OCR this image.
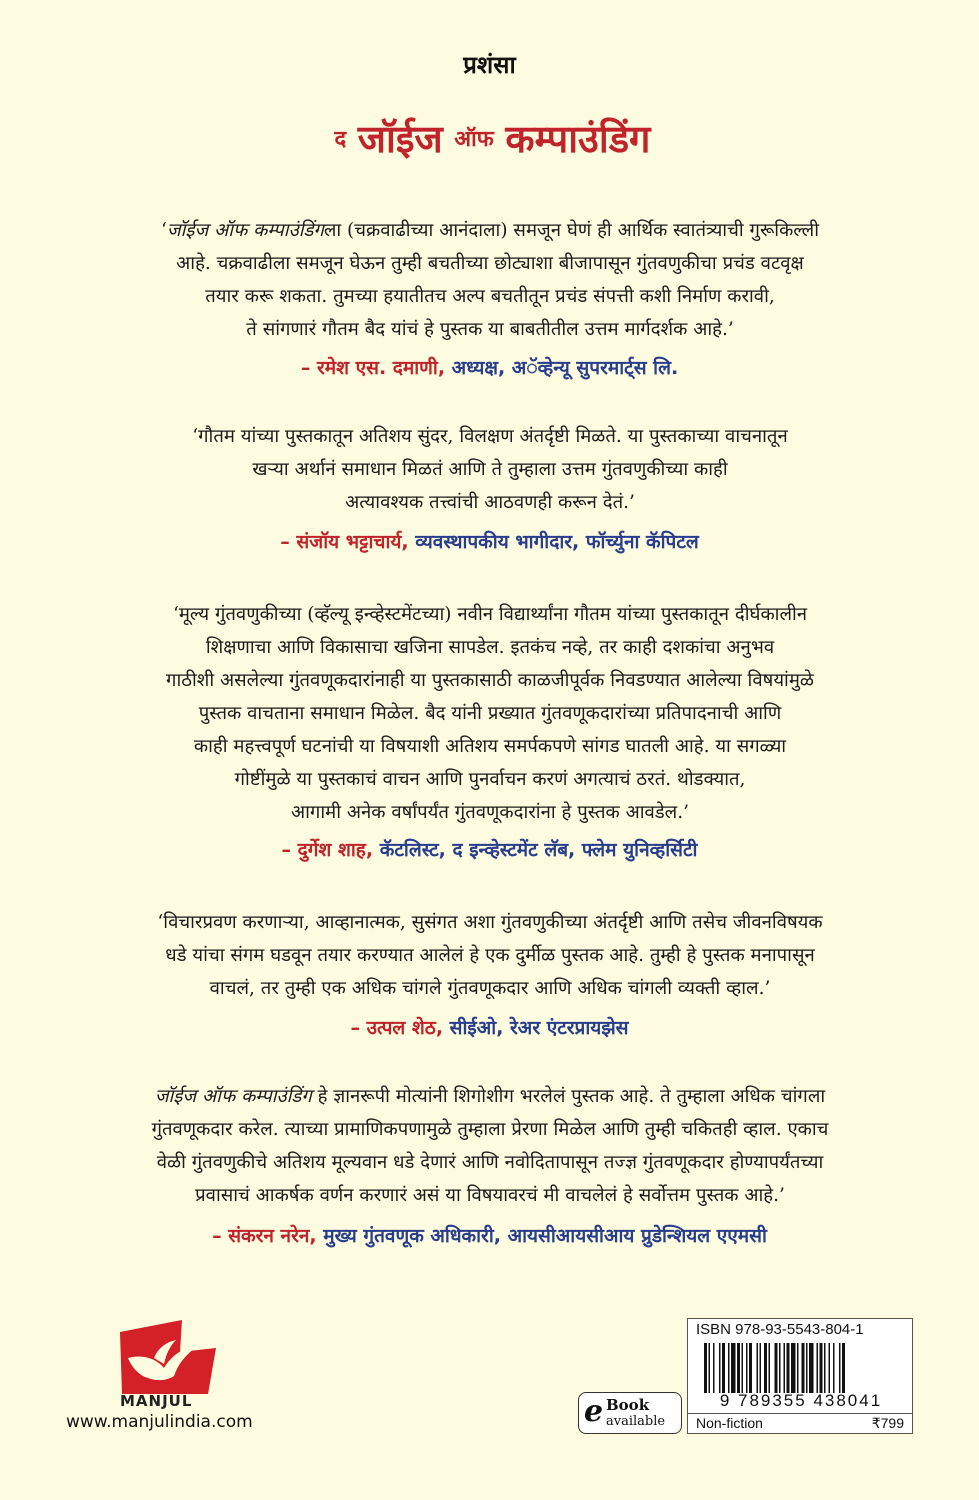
प्रशंसा
द जॉईज ऑफ कम्पाउंडिंग
‘जॉईज ऑफ कम्पाउंडिंगला (चक्रवाढीच्या आनंदाला) समजून घेणं ही आर्थिक स्वातंत्र्याची गुरूकिल्ली
आहे. चक्रवाढीला समजून घेऊन तुम्ही बचतीच्या छोट्याशा बीजापासून गुंतवणुकीचा प्रचंड वटवृक्ष
तयार करू शकता. तुमच्या हयातीतच अल्प बचतीतून प्रचंड संपत्ती कशी निर्माण करावी,
ते सांगणारं गौतम बैद यांचं हे पुस्तक या बाबतीतील उत्तम मार्गदर्शक आहे.’
– रमेश एस. दमाणी, अध्यक्ष, अॅव्हेन्यू सुपरमार्ट्स लि.
‘गौतम यांच्या पुस्तकातून अतिशय सुंदर, विलक्षण अंतर्दृष्टी मिळते. या पुस्तकाच्या वाचनातून
खऱ्या अर्थानं समाधान मिळतं आणि ते तुम्हाला उत्तम गुंतवणुकीच्या काही
अत्यावश्यक तत्त्वांची आठवणही करून देतं.’
– संजॉय भट्टाचार्य, व्यवस्थापकीय भागीदार, फॉर्च्युना कॅपिटल
‘मूल्य गुंतवणुकीच्या (व्हॅल्यू इन्व्हेस्टमेंटच्या) नवीन विद्यार्थ्यांना गौतम यांच्या पुस्तकातून दीर्घकालीन
शिक्षणाचा आणि विकासाचा खजिना सापडेल. इतकंच नव्हे, तर काही दशकांचा अनुभव
गाठीशी असलेल्या गुंतवणूकदारांनाही या पुस्तकासाठी काळजीपूर्वक निवडण्यात आलेल्या विषयांमुळे
पुस्तक वाचताना समाधान मिळेल. बैद यांनी प्रख्यात गुंतवणूकदारांच्या प्रतिपादनाची आणि
काही महत्त्वपूर्ण घटनांची या विषयाशी अतिशय समर्पकपणे सांगड घातली आहे. या सगळ्या
गोष्टींमुळे या पुस्तकाचं वाचन आणि पुनर्वाचन करणं अगत्याचं ठरतं. थोडक्यात,
आगामी अनेक वर्षांपर्यंत गुंतवणूकदारांना हे पुस्तक आवडेल.’
– दुर्गेश शाह, कॅटलिस्ट, द इन्व्हेस्टमेंट लॅब, फ्लेम युनिव्हर्सिटी
‘विचारप्रवण करणाऱ्या, आव्हानात्मक, सुसंगत अशा गुंतवणुकीच्या अंतर्दृष्टी आणि तसेच जीवनविषयक
धडे यांचा संगम घडवून तयार करण्यात आलेलं हे एक दुर्मीळ पुस्तक आहे. तुम्ही हे पुस्तक मनापासून
वाचलं, तर तुम्ही एक अधिक चांगले गुंतवणूकदार आणि अधिक चांगली व्यक्ती व्हाल.’
– उत्पल शेठ, सीईओ, रेअर एंटरप्रायझेस
जॉईज ऑफ कम्पाउंडिंग हे ज्ञानरूपी मोत्यांनी शिगोशीग भरलेलं पुस्तक आहे. ते तुम्हाला अधिक चांगला
गुंतवणूकदार करेल. त्याच्या प्रामाणिकपणामुळे तुम्हाला प्रेरणा मिळेल आणि तुम्ही चकितही व्हाल. एकाच
वेळी गुंतवणुकीचे अतिशय मूल्यवान धडे देणारं आणि नवोदितापासून तज्ज्ञ गुंतवणूकदार होण्यापर्यंतच्या
प्रवासाचं आकर्षक वर्णन करणारं असं या विषयावरचं मी वाचलेलं हे सर्वोत्तम पुस्तक आहे.’
– संकरन नरेन, मुख्य गुंतवणूक अधिकारी, आयसीआयसीआय प्रुडेन्शियल एएमसी
MANJUL
www.manjulindia.com	e Book
available
ISBN 978-93-5543-804-1
9 789355 438041
Non-fiction	₹799
